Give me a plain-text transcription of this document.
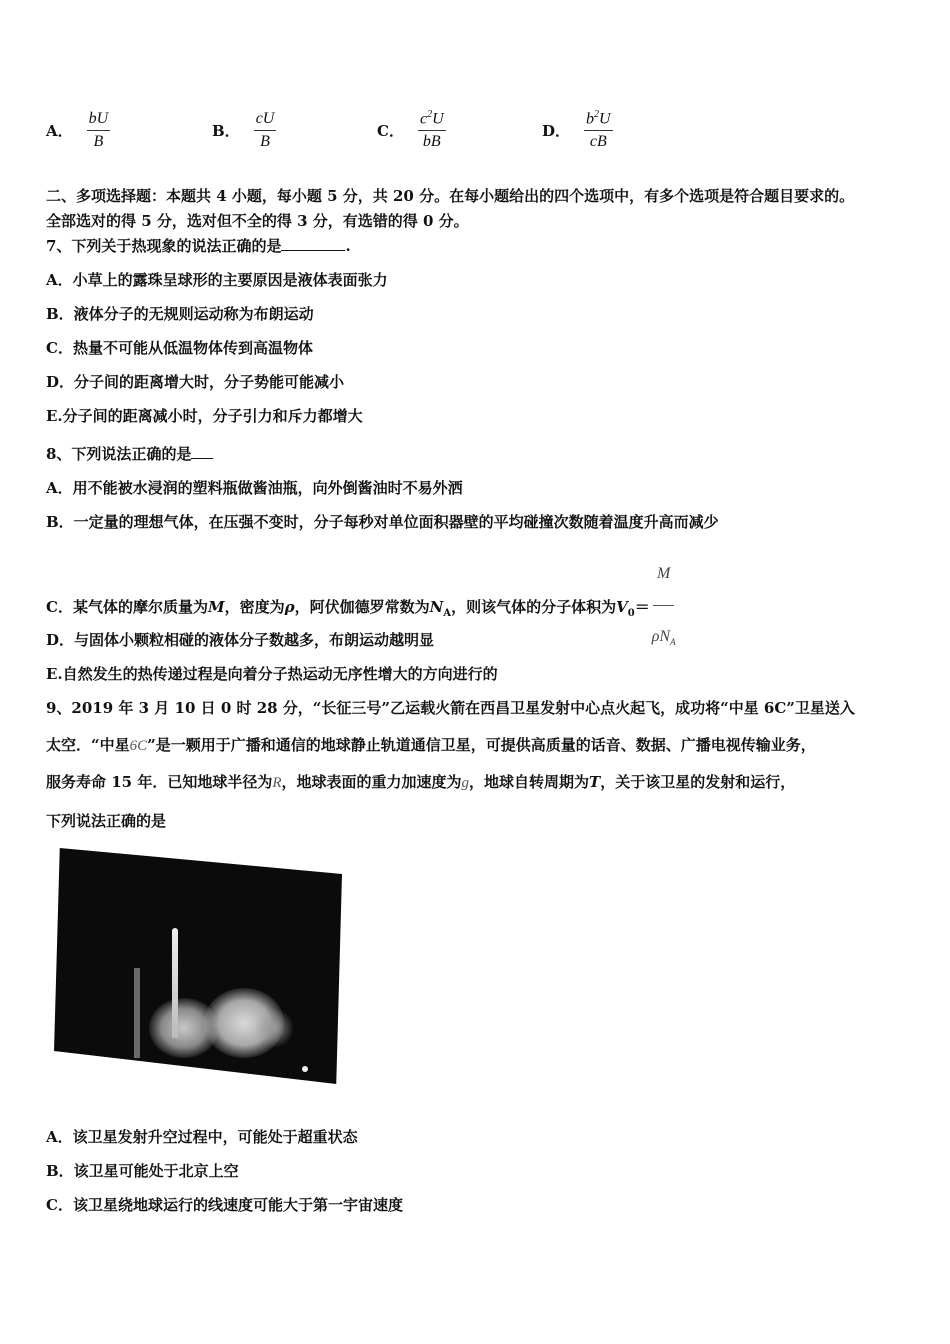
A． $\frac{bU}{B}$	B． $\frac{cU}{B}$	C． $\frac{c^2U}{bB}$	D． $\frac{b^2U}{cB}$
二、多项选择题：本题共 4 小题，每小题 5 分，共 20 分。在每小题给出的四个选项中，有多个选项是符合题目要求的。
全部选对的得 5 分，选对但不全的得 3 分，有选错的得 0 分。
7、下列关于热现象的说法正确的是	.
A．小草上的露珠呈球形的主要原因是液体表面张力
B．液体分子的无规则运动称为布朗运动
C．热量不可能从低温物体传到高温物体
D．分子间的距离增大时，分子势能可能减小
E.分子间的距离减小时，分子引力和斥力都增大
8、下列说法正确的是
A．用不能被水浸润的塑料瓶做酱油瓶，向外倒酱油时不易外洒
B．一定量的理想气体，在压强不变时，分子每秒对单位面积器壁的平均碰撞次数随着温度升高而减少
C．某气体的摩尔质量为M，密度为ρ，阿伏伽德罗常数为$N_A$，则该气体的分子体积为$V_0= \frac{M}{\rho N_A}$
D．与固体小颗粒相碰的液体分子数越多，布朗运动越明显
E.自然发生的热传递过程是向着分子热运动无序性增大的方向进行的
9、2019 年 3 月 10 日 0 时 28 分，“长征三号”乙运载火箭在西昌卫星发射中心点火起飞，成功将“中星 6C”卫星送入
太空．“中星6C”是一颗用于广播和通信的地球静止轨道通信卫星，可提供高质量的话音、数据、广播电视传输业务，
服务寿命 15 年．已知地球半径为R，地球表面的重力加速度为g，地球自转周期为T，关于该卫星的发射和运行，
下列说法正确的是
A．该卫星发射升空过程中，可能处于超重状态
B．该卫星可能处于北京上空
C．该卫星绕地球运行的线速度可能大于第一宇宙速度
